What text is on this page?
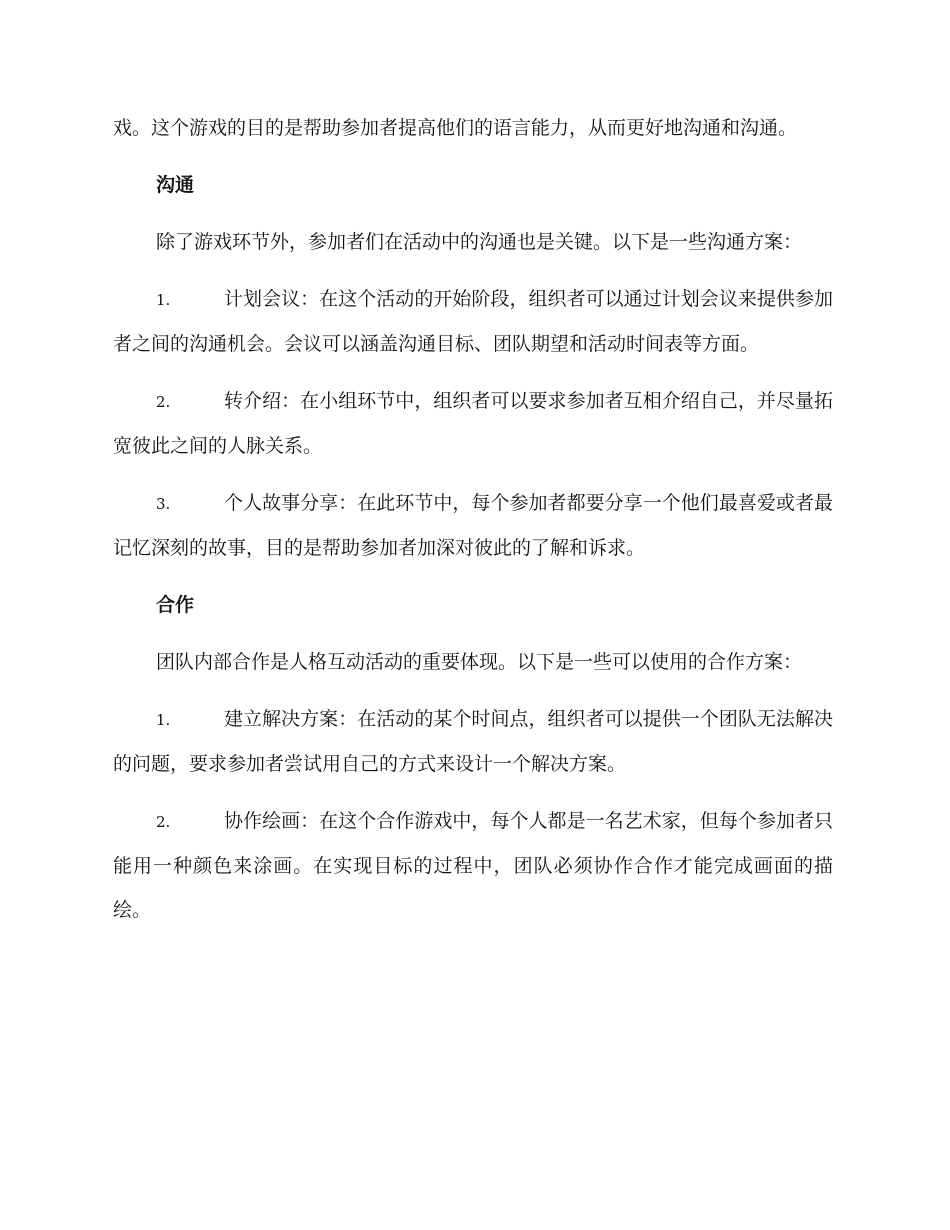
戏。这个游戏的目的是帮助参加者提高他们的语言能力，从而更好地沟通和沟通。

沟通

除了游戏环节外，参加者们在活动中的沟通也是关键。以下是一些沟通方案：

1.	计划会议：在这个活动的开始阶段，组织者可以通过计划会议来提供参加者之间的沟通机会。会议可以涵盖沟通目标、团队期望和活动时间表等方面。

2.	转介绍：在小组环节中，组织者可以要求参加者互相介绍自己，并尽量拓宽彼此之间的人脉关系。

3.	个人故事分享：在此环节中，每个参加者都要分享一个他们最喜爱或者最记忆深刻的故事，目的是帮助参加者加深对彼此的了解和诉求。

合作

团队内部合作是人格互动活动的重要体现。以下是一些可以使用的合作方案：

1.	建立解决方案：在活动的某个时间点，组织者可以提供一个团队无法解决的问题，要求参加者尝试用自己的方式来设计一个解决方案。

2.	协作绘画：在这个合作游戏中，每个人都是一名艺术家，但每个参加者只能用一种颜色来涂画。在实现目标的过程中，团队必须协作合作才能完成画面的描绘。
